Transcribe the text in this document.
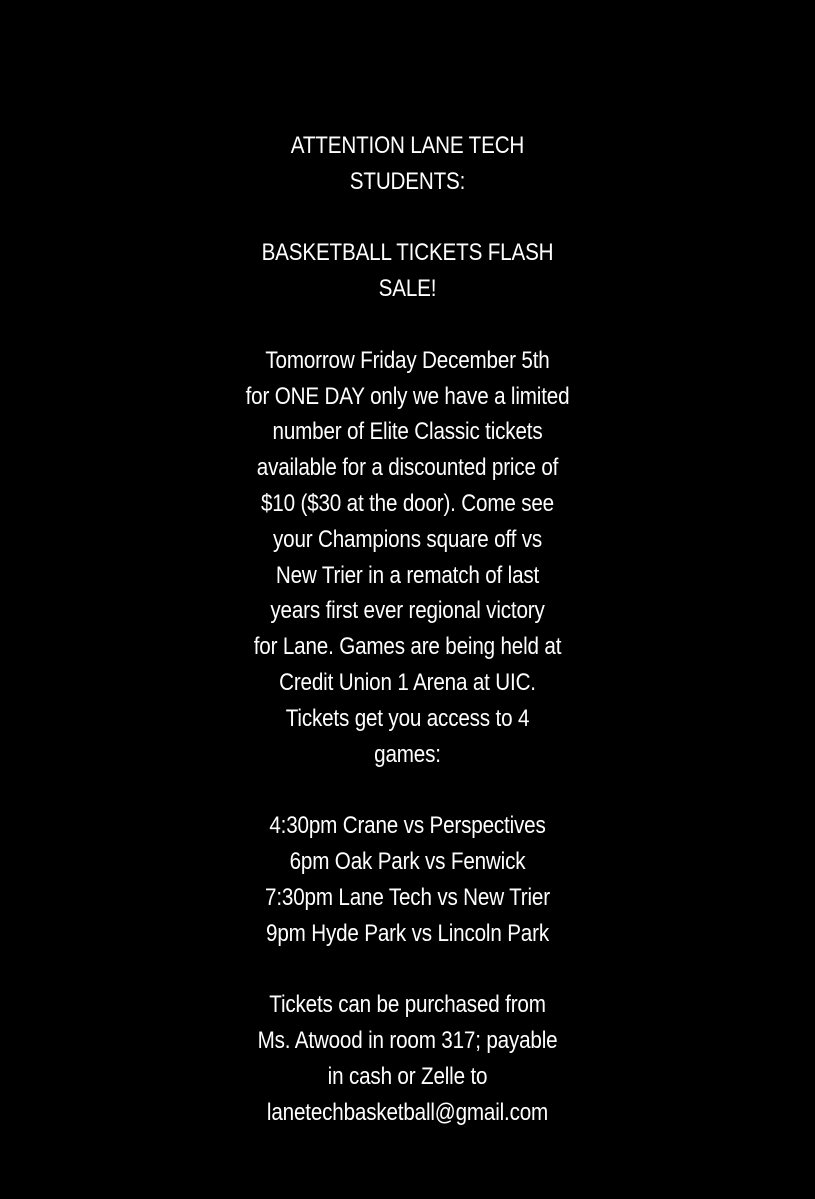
ATTENTION LANE TECH
STUDENTS:
BASKETBALL TICKETS FLASH
SALE!
Tomorrow Friday December 5th
for ONE DAY only we have a limited
number of Elite Classic tickets
available for a discounted price of
$10 ($30 at the door). Come see
your Champions square off vs
New Trier in a rematch of last
years first ever regional victory
for Lane. Games are being held at
Credit Union 1 Arena at UIC.
Tickets get you access to 4
games:
4:30pm Crane vs Perspectives
6pm Oak Park vs Fenwick
7:30pm Lane Tech vs New Trier
9pm Hyde Park vs Lincoln Park
Tickets can be purchased from
Ms. Atwood in room 317; payable
in cash or Zelle to
lanetechbasketball@gmail.com
